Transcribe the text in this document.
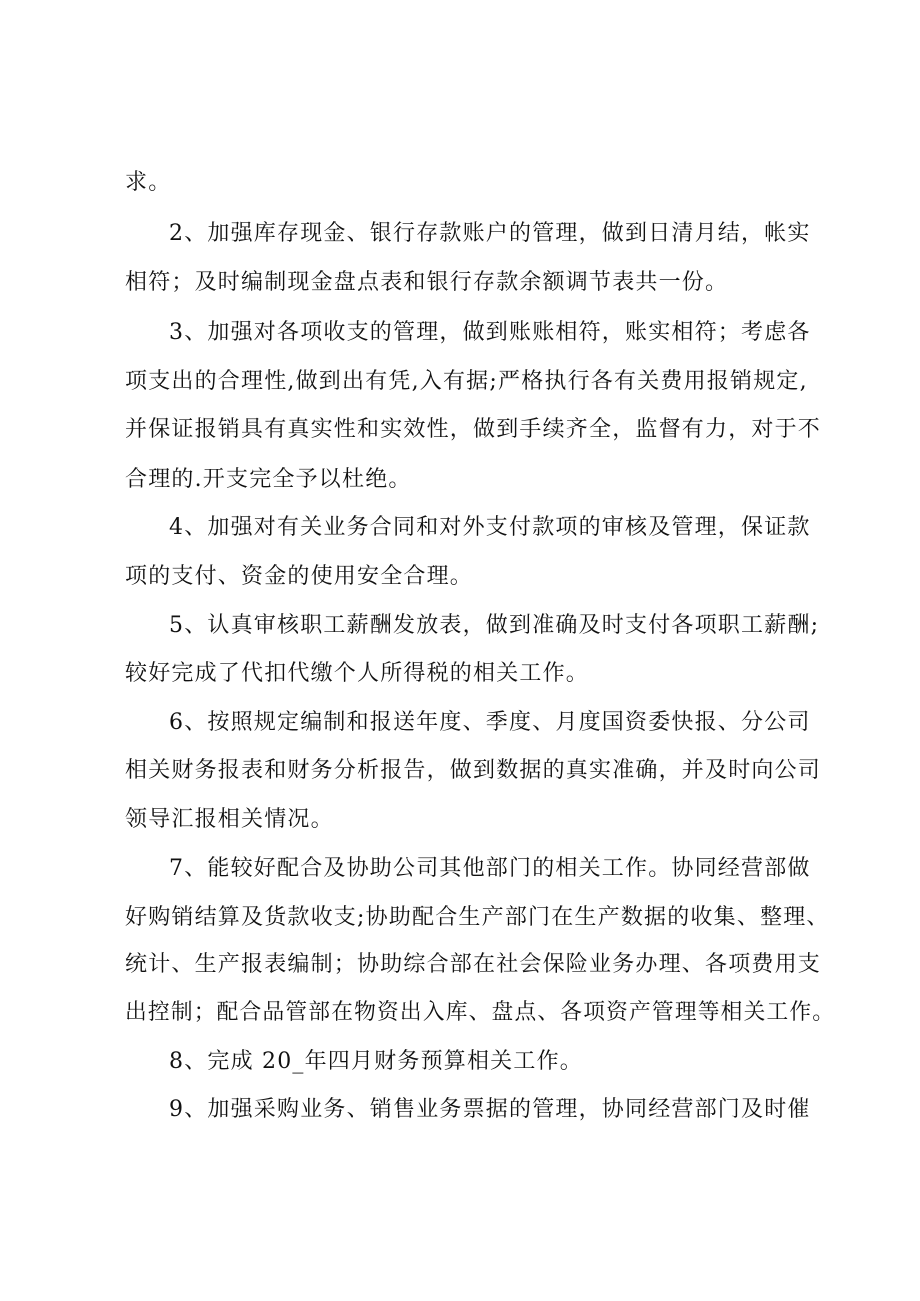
求。
2、加强库存现金、银行存款账户的管理，做到日清月结，帐实
相符；及时编制现金盘点表和银行存款余额调节表共一份。
3、加强对各项收支的管理，做到账账相符，账实相符；考虑各
项支出的合理性,做到出有凭,入有据;严格执行各有关费用报销规定,
并保证报销具有真实性和实效性，做到手续齐全，监督有力，对于不
合理的.开支完全予以杜绝。
4、加强对有关业务合同和对外支付款项的审核及管理，保证款
项的支付、资金的使用安全合理。
5、认真审核职工薪酬发放表，做到准确及时支付各项职工薪酬;
较好完成了代扣代缴个人所得税的相关工作。
6、按照规定编制和报送年度、季度、月度国资委快报、分公司
相关财务报表和财务分析报告，做到数据的真实准确，并及时向公司
领导汇报相关情况。
7、能较好配合及协助公司其他部门的相关工作。协同经营部做
好购销结算及货款收支;协助配合生产部门在生产数据的收集、整理、
统计、生产报表编制；协助综合部在社会保险业务办理、各项费用支
出控制；配合品管部在物资出入库、盘点、各项资产管理等相关工作。
8、完成 20_年四月财务预算相关工作。
9、加强采购业务、销售业务票据的管理，协同经营部门及时催
